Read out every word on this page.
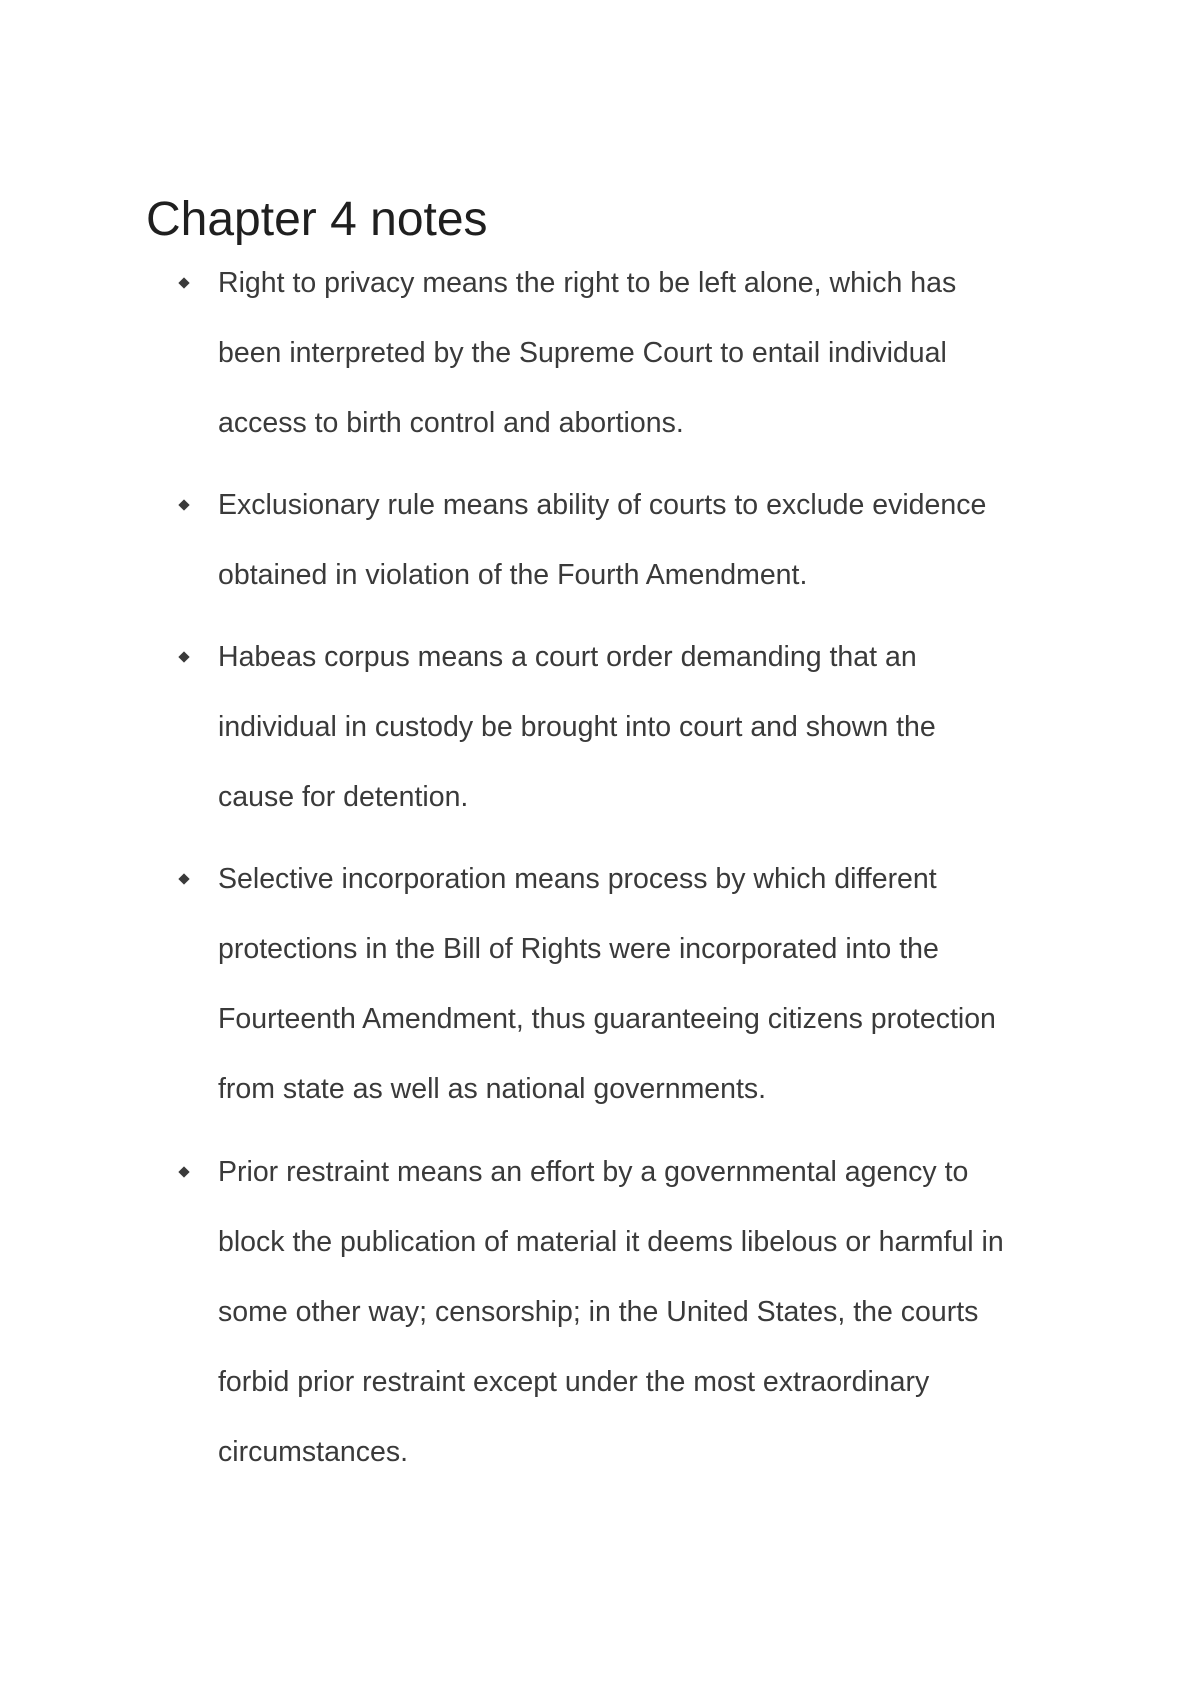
Chapter 4 notes
Right to privacy means the right to be left alone, which has
been interpreted by the Supreme Court to entail individual
access to birth control and abortions.
Exclusionary rule means ability of courts to exclude evidence
obtained in violation of the Fourth Amendment.
Habeas corpus means a court order demanding that an
individual in custody be brought into court and shown the
cause for detention.
Selective incorporation means process by which different
protections in the Bill of Rights were incorporated into the
Fourteenth Amendment, thus guaranteeing citizens protection
from state as well as national governments.
Prior restraint means an effort by a governmental agency to
block the publication of material it deems libelous or harmful in
some other way; censorship; in the United States, the courts
forbid prior restraint except under the most extraordinary
circumstances.
